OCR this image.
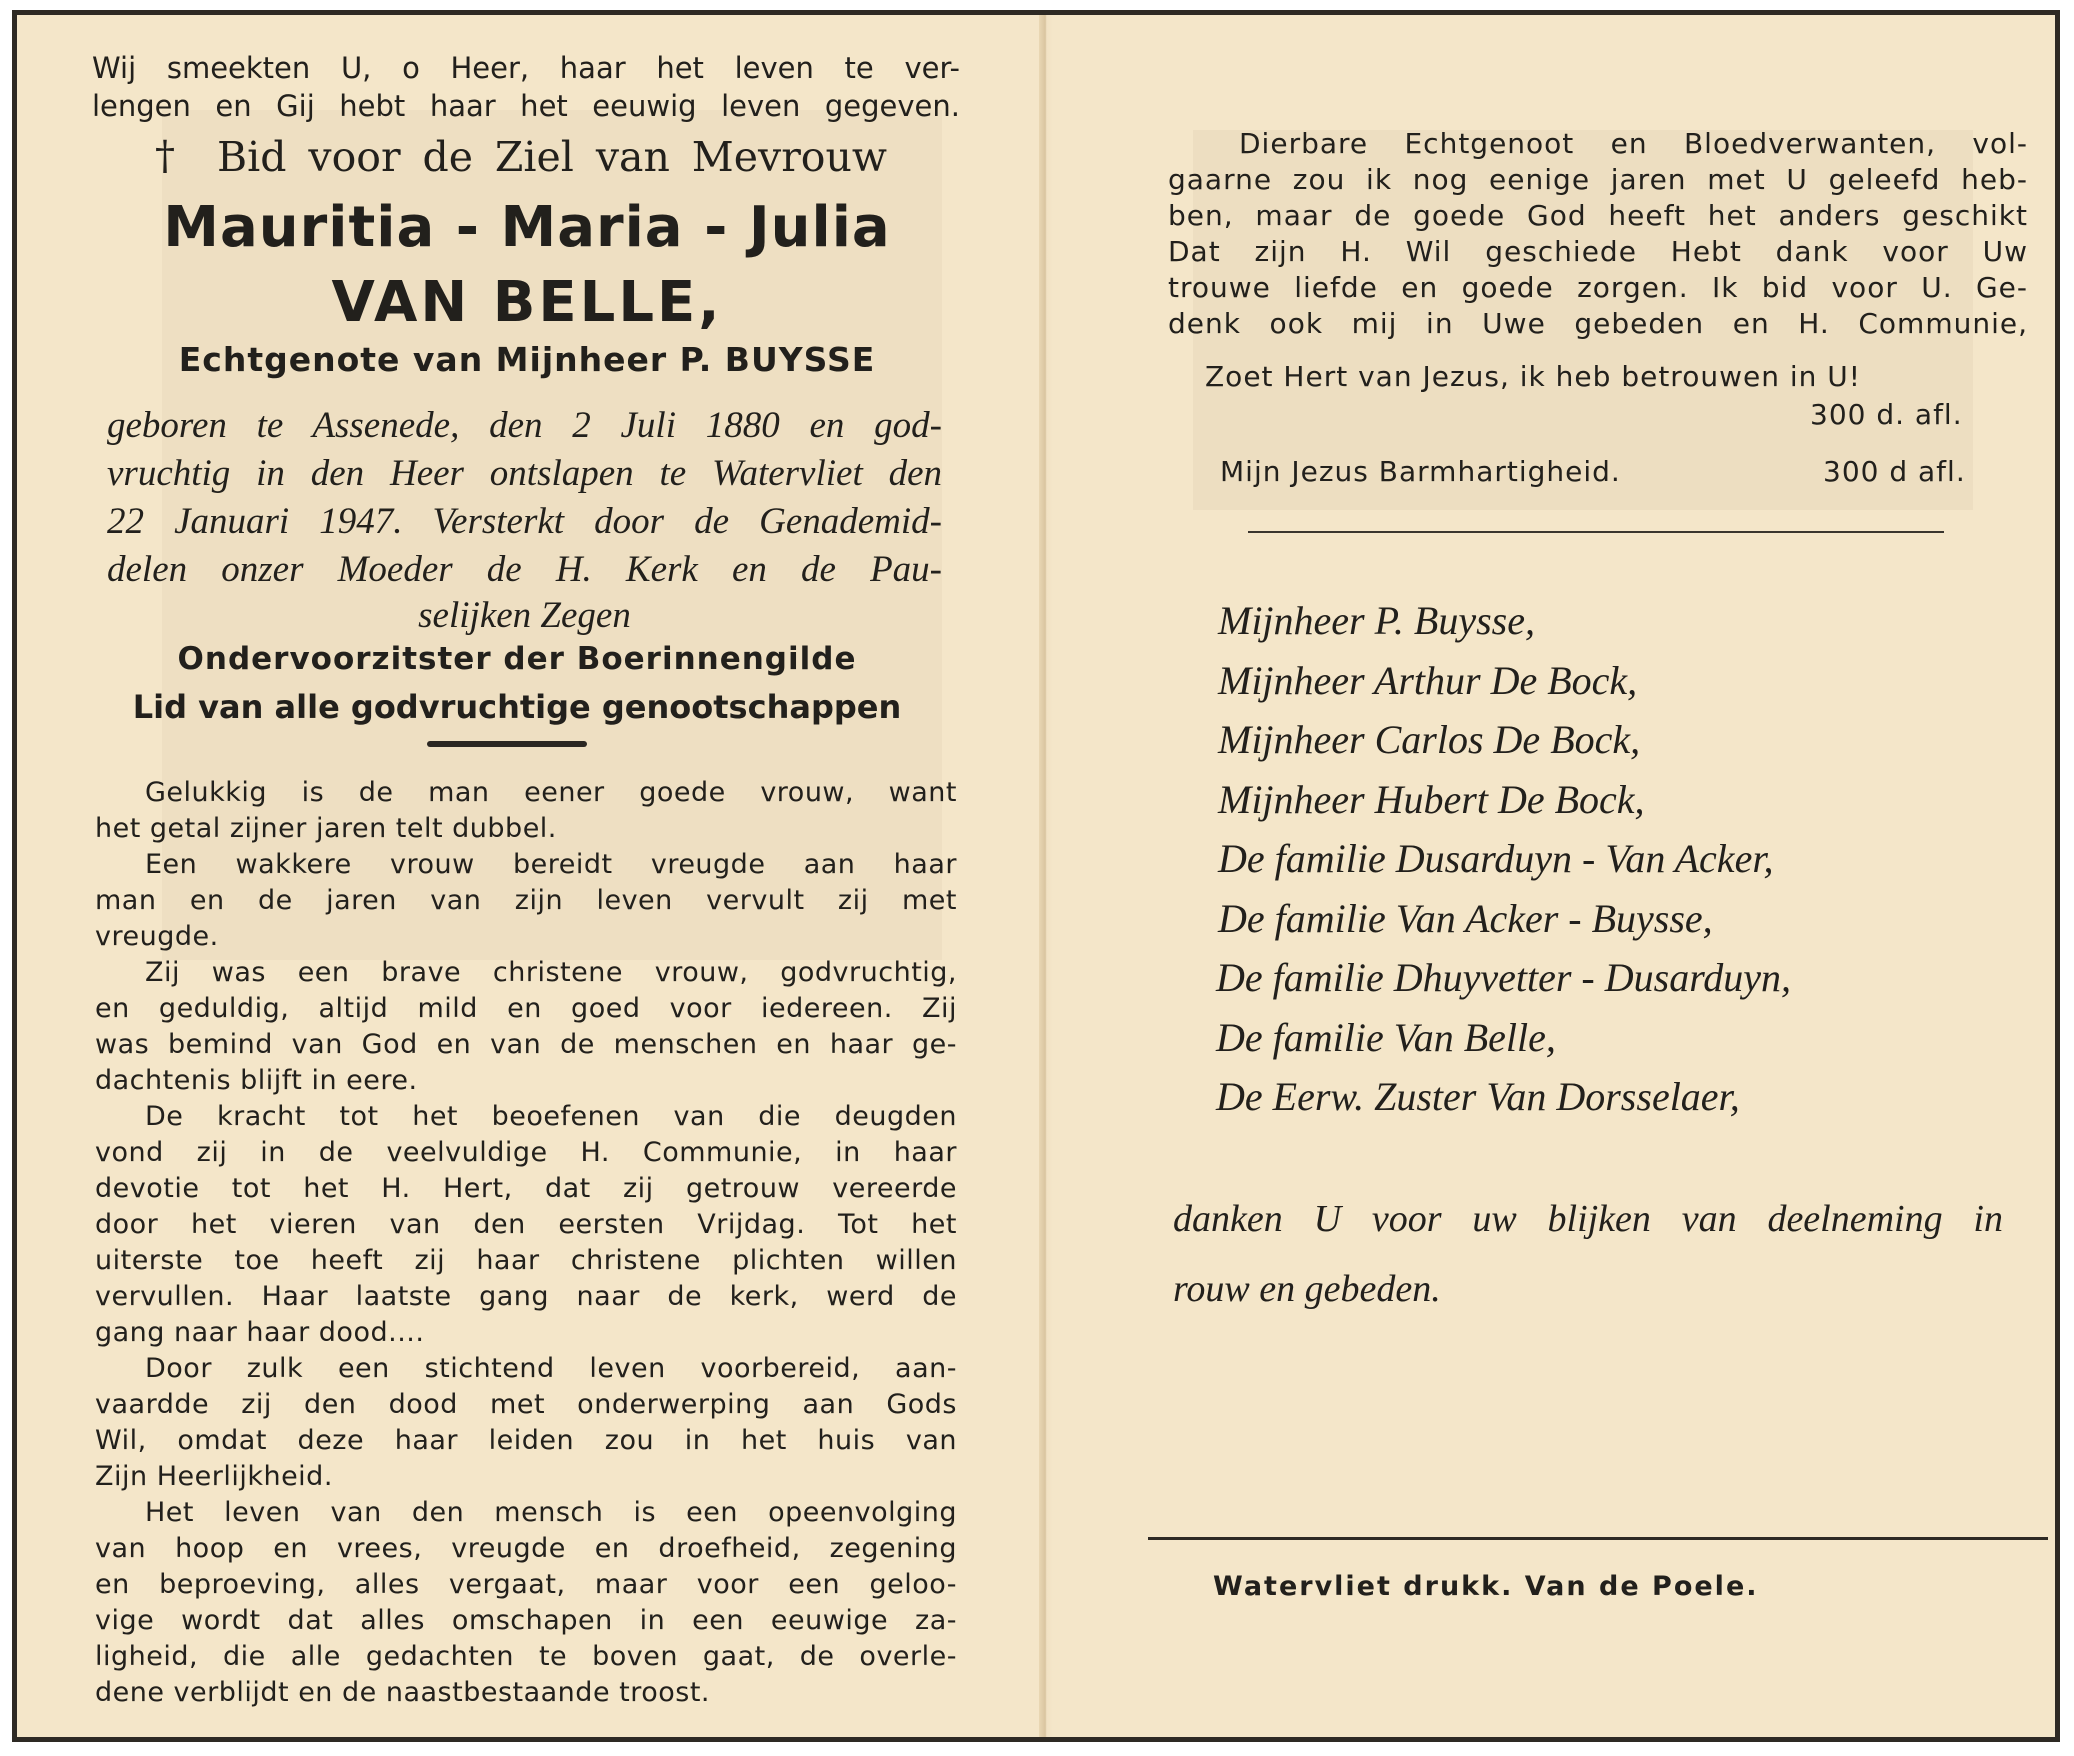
Wij smeekten U, o Heer, haar het leven te ver-
lengen en Gij hebt haar het eeuwig leven gegeven.
† Bid voor de Ziel van Mevrouw
Mauritia - Maria - Julia
VAN BELLE,
Echtgenote van Mijnheer P. BUYSSE
geboren te Assenede, den 2 Juli 1880 en god-
vruchtig in den Heer ontslapen te Watervliet den
22 Januari 1947. Versterkt door de Genademid-
delen onzer Moeder de H. Kerk en de Pau-
selijken Zegen
Ondervoorzitster der Boerinnengilde
Lid van alle godvruchtige genootschappen
Gelukkig is de man eener goede vrouw, want
het getal zijner jaren telt dubbel.
Een wakkere vrouw bereidt vreugde aan haar
man en de jaren van zijn leven vervult zij met
vreugde.
Zij was een brave christene vrouw, godvruchtig,
en geduldig, altijd mild en goed voor iedereen. Zij
was bemind van God en van de menschen en haar ge-
dachtenis blijft in eere.
De kracht tot het beoefenen van die deugden
vond zij in de veelvuldige H. Communie, in haar
devotie tot het H. Hert, dat zij getrouw vereerde
door het vieren van den eersten Vrijdag. Tot het
uiterste toe heeft zij haar christene plichten willen
vervullen. Haar laatste gang naar de kerk, werd de
gang naar haar dood....
Door zulk een stichtend leven voorbereid, aan-
vaardde zij den dood met onderwerping aan Gods
Wil, omdat deze haar leiden zou in het huis van
Zijn Heerlijkheid.
Het leven van den mensch is een opeenvolging
van hoop en vrees, vreugde en droefheid, zegening
en beproeving, alles vergaat, maar voor een geloo-
vige wordt dat alles omschapen in een eeuwige za-
ligheid, die alle gedachten te boven gaat, de overle-
dene verblijdt en de naastbestaande troost.
Dierbare Echtgenoot en Bloedverwanten, vol-
gaarne zou ik nog eenige jaren met U geleefd heb-
ben, maar de goede God heeft het anders geschikt
Dat zijn H. Wil geschiede Hebt dank voor Uw
trouwe liefde en goede zorgen. Ik bid voor U. Ge-
denk ook mij in Uwe gebeden en H. Communie,
Zoet Hert van Jezus, ik heb betrouwen in U!
300 d. afl.
Mijn Jezus Barmhartigheid.	300 d afl.
Mijnheer P. Buysse,
Mijnheer Arthur De Bock,
Mijnheer Carlos De Bock,
Mijnheer Hubert De Bock,
De familie Dusarduyn - Van Acker,
De familie Van Acker - Buysse,
De familie Dhuyvetter - Dusarduyn,
De familie Van Belle,
De Eerw. Zuster Van Dorsselaer,
danken U voor uw blijken van deelneming in
rouw en gebeden.
Watervliet drukk. Van de Poele.
